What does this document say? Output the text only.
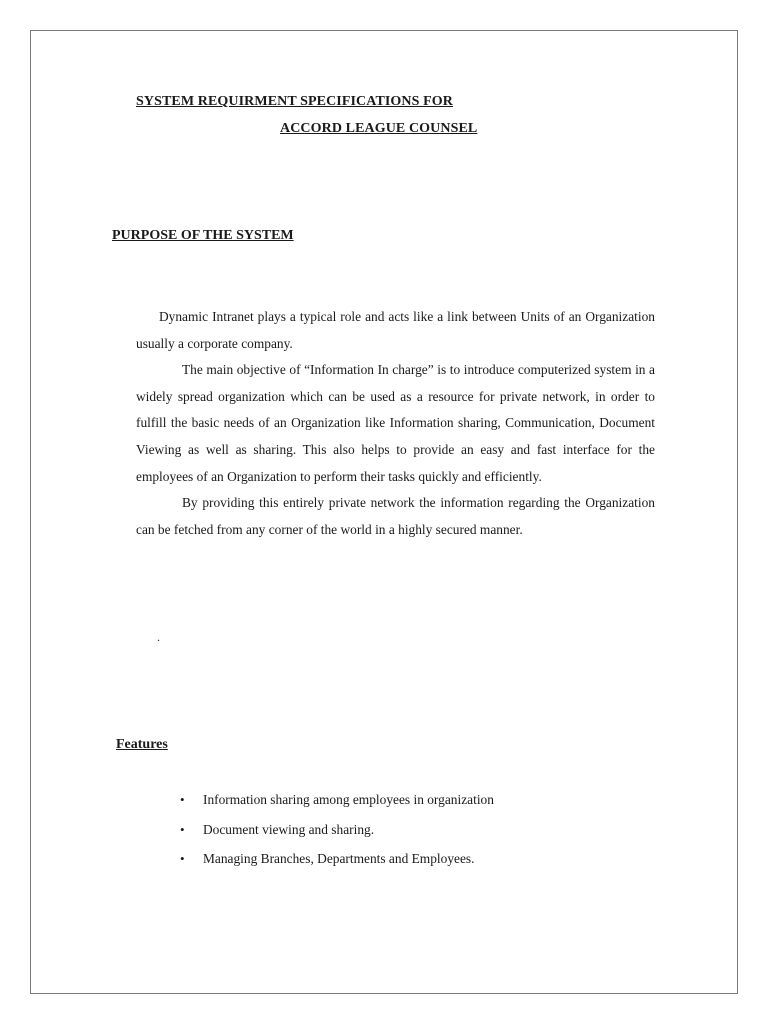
SYSTEM REQUIRMENT SPECIFICATIONS FOR
ACCORD LEAGUE COUNSEL
PURPOSE OF THE SYSTEM

Dynamic Intranet plays a typical role and acts like a link between Units of an Organization usually a corporate company.

The main objective of “Information In charge” is to introduce computerized system in a widely spread organization which can be used as a resource for private network, in order to fulfill the basic needs of an Organization like Information sharing, Communication, Document Viewing as well as sharing. This also helps to provide an easy and fast interface for the employees of an Organization to perform their tasks quickly and efficiently.

By providing this entirely private network the information regarding the Organization can be fetched from any corner of the world in a highly secured manner.

.
Features
• Information sharing among employees in organization
• Document viewing and sharing.
• Managing Branches, Departments and Employees.
